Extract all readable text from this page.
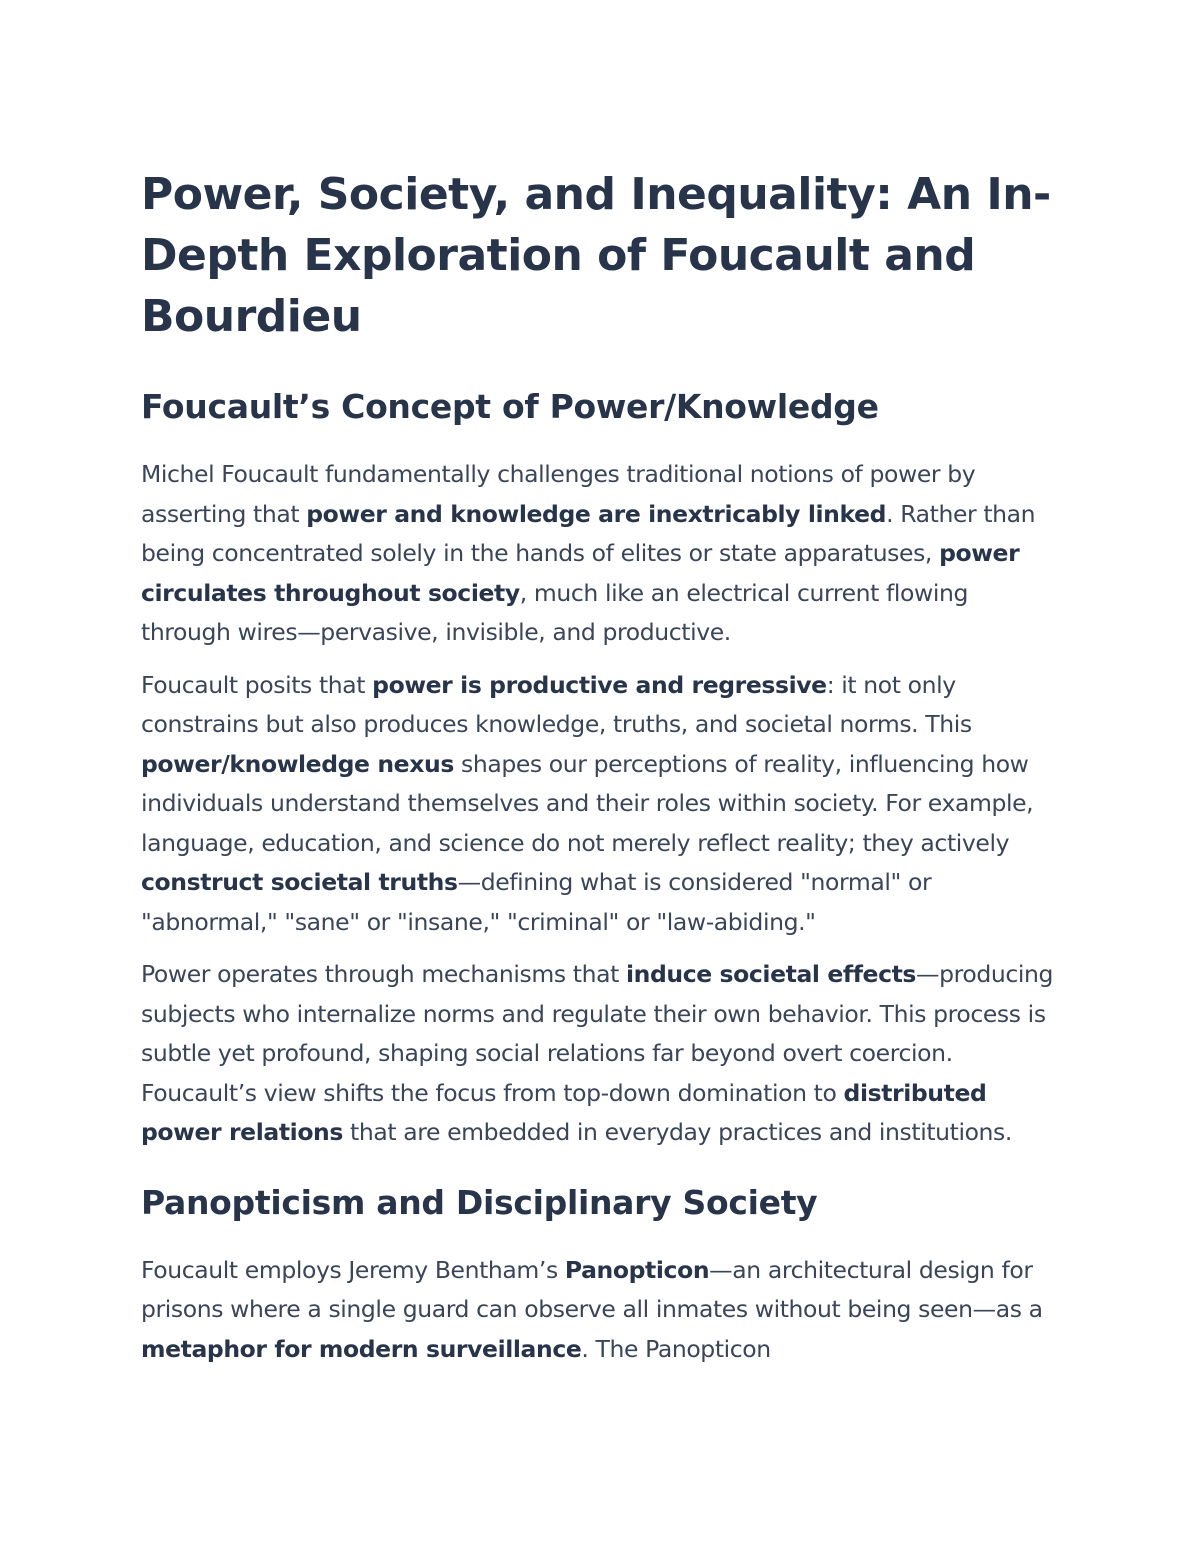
Power, Society, and Inequality: An In-Depth Exploration of Foucault and Bourdieu
Foucault’s Concept of Power/Knowledge

Michel Foucault fundamentally challenges traditional notions of power by asserting that power and knowledge are inextricably linked. Rather than being concentrated solely in the hands of elites or state apparatuses, power circulates throughout society, much like an electrical current flowing through wires—pervasive, invisible, and productive.

Foucault posits that power is productive and regressive: it not only constrains but also produces knowledge, truths, and societal norms. This power/knowledge nexus shapes our perceptions of reality, influencing how individuals understand themselves and their roles within society. For example, language, education, and science do not merely reflect reality; they actively construct societal truths—defining what is considered "normal" or "abnormal," "sane" or "insane," "criminal" or "law-abiding."

Power operates through mechanisms that induce societal effects—producing subjects who internalize norms and regulate their own behavior. This process is subtle yet profound, shaping social relations far beyond overt coercion. Foucault’s view shifts the focus from top-down domination to distributed power relations that are embedded in everyday practices and institutions.

Panopticism and Disciplinary Society

Foucault employs Jeremy Bentham’s Panopticon—an architectural design for prisons where a single guard can observe all inmates without being seen—as a metaphor for modern surveillance. The Panopticon
